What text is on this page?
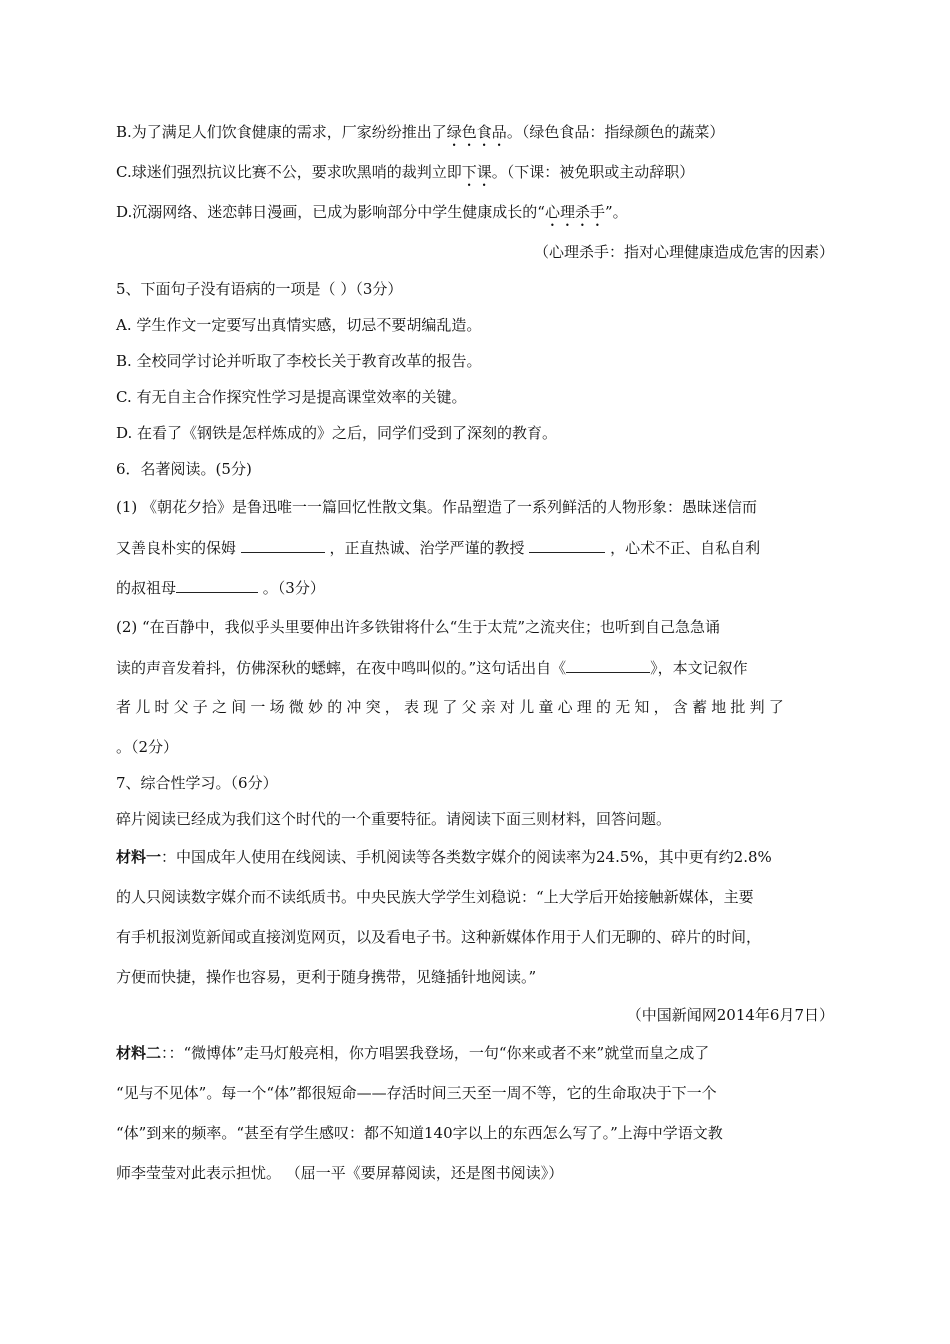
B.为了满足人们饮食健康的需求，厂家纷纷推出了绿色食品。（绿色食品：指绿颜色的蔬菜）
C.球迷们强烈抗议比赛不公，要求吹黑哨的裁判立即下课。（下课：被免职或主动辞职）
D.沉溺网络、迷恋韩日漫画，已成为影响部分中学生健康成长的“心理杀手”。
（心理杀手：指对心理健康造成危害的因素）
5、下面句子没有语病的一项是（ ）（3分）
A. 学生作文一定要写出真情实感，切忌不要胡编乱造。
B. 全校同学讨论并听取了李校长关于教育改革的报告。
C. 有无自主合作探究性学习是提高课堂效率的关键。
D. 在看了《钢铁是怎样炼成的》之后，同学们受到了深刻的教育。
6．名著阅读。(5分)
(1) 《朝花夕拾》是鲁迅唯一一篇回忆性散文集。作品塑造了一系列鲜活的人物形象：愚昧迷信而
又善良朴实的保姆	，正直热诚、治学严谨的教授	，心术不正、自私自利
的叔祖母	。（3分）
(2) “在百静中，我似乎头里要伸出许多铁钳将什么“生于太荒”之流夹住；也听到自己急急诵
读的声音发着抖，仿佛深秋的蟋蟀，在夜中鸣叫似的。”这句话出自《	》，本文记叙作
者儿时父子之间一场微妙的冲突，表现了父亲对儿童心理的无知，含蓄地批判了
。（2分）
7、综合性学习。（6分）
碎片阅读已经成为我们这个时代的一个重要特征。请阅读下面三则材料，回答问题。
材料一：中国成年人使用在线阅读、手机阅读等各类数字媒介的阅读率为24.5%，其中更有约2.8%
的人只阅读数字媒介而不读纸质书。中央民族大学学生刘稳说：“上大学后开始接触新媒体，主要
有手机报浏览新闻或直接浏览网页，以及看电子书。这种新媒体作用于人们无聊的、碎片的时间，
方便而快捷，操作也容易，更利于随身携带，见缝插针地阅读。”
（中国新闻网2014年6月7日）
材料二：：“微博体”走马灯般亮相，你方唱罢我登场，一句“你来或者不来”就堂而皇之成了
“见与不见体”。每一个“体”都很短命——存活时间三天至一周不等，它的生命取决于下一个
“体”到来的频率。“甚至有学生感叹：都不知道140字以上的东西怎么写了。”上海中学语文教
师李莹莹对此表示担忧。 （屈一平《要屏幕阅读，还是图书阅读》）
